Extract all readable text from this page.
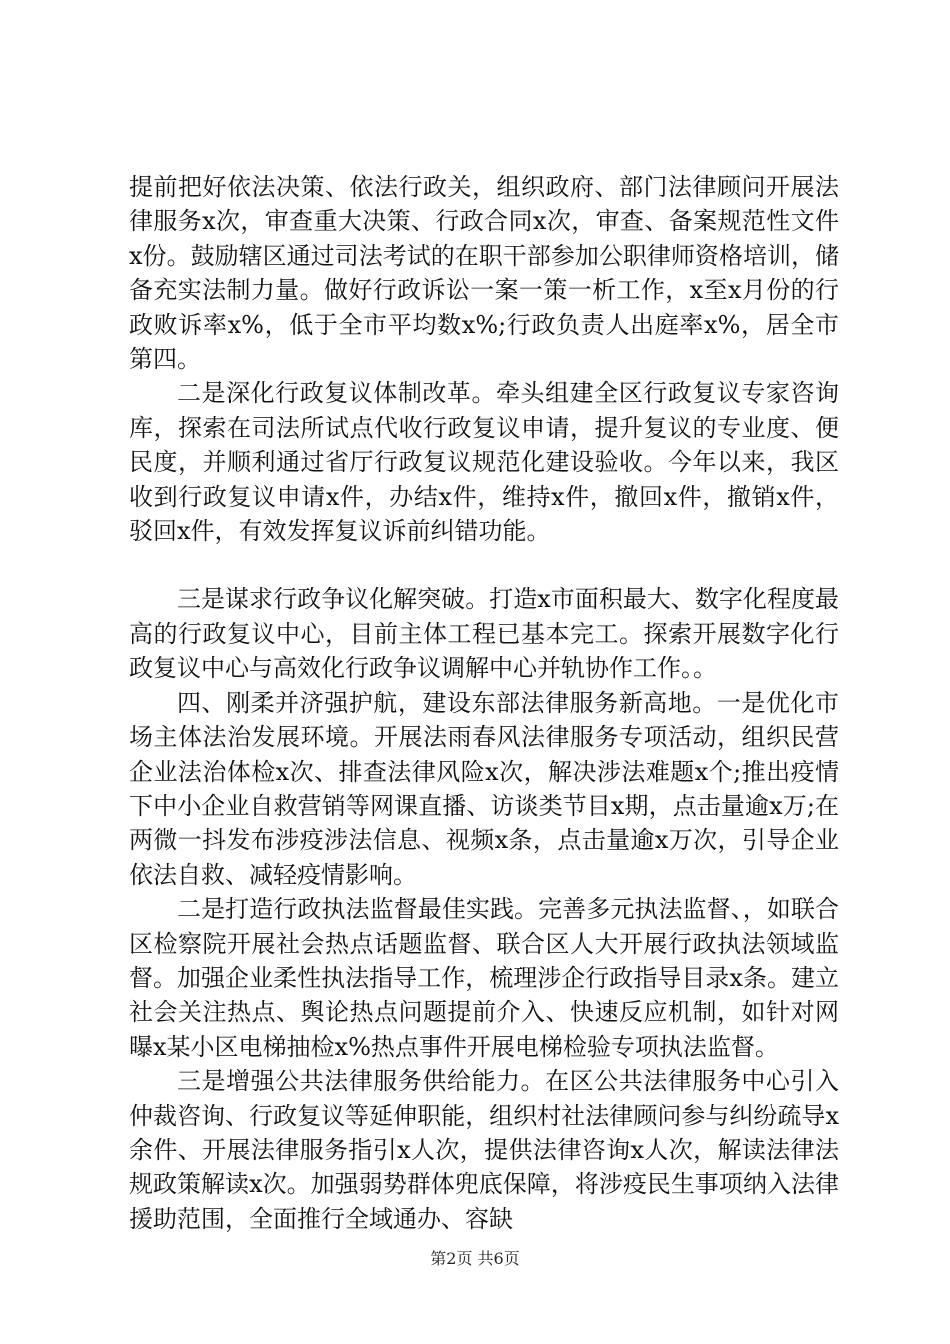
提前把好依法决策、依法行政关，组织政府、部门法律顾问开展法律服务x次，审查重大决策、行政合同x次，审查、备案规范性文件x份。鼓励辖区通过司法考试的在职干部参加公职律师资格培训，储备充实法制力量。做好行政诉讼一案一策一析工作，x至x月份的行政败诉率x%，低于全市平均数x%;行政负责人出庭率x%，居全市第四。

二是深化行政复议体制改革。牵头组建全区行政复议专家咨询库，探索在司法所试点代收行政复议申请，提升复议的专业度、便民度，并顺利通过省厅行政复议规范化建设验收。今年以来，我区收到行政复议申请x件，办结x件，维持x件，撤回x件，撤销x件，驳回x件，有效发挥复议诉前纠错功能。

三是谋求行政争议化解突破。打造x市面积最大、数字化程度最高的行政复议中心，目前主体工程已基本完工。探索开展数字化行政复议中心与高效化行政争议调解中心并轨协作工作。。

四、刚柔并济强护航，建设东部法律服务新高地。一是优化市场主体法治发展环境。开展法雨春风法律服务专项活动，组织民营企业法治体检x次、排查法律风险x次，解决涉法难题x个;推出疫情下中小企业自救营销等网课直播、访谈类节目x期，点击量逾x万;在两微一抖发布涉疫涉法信息、视频x条，点击量逾x万次，引导企业依法自救、减轻疫情影响。

二是打造行政执法监督最佳实践。完善多元执法监督、，如联合区检察院开展社会热点话题监督、联合区人大开展行政执法领域监督。加强企业柔性执法指导工作，梳理涉企行政指导目录x条。建立社会关注热点、舆论热点问题提前介入、快速反应机制，如针对网曝x某小区电梯抽检x%热点事件开展电梯检验专项执法监督。

三是增强公共法律服务供给能力。在区公共法律服务中心引入仲裁咨询、行政复议等延伸职能，组织村社法律顾问参与纠纷疏导x余件、开展法律服务指引x人次，提供法律咨询x人次，解读法律法规政策解读x次。加强弱势群体兜底保障，将涉疫民生事项纳入法律援助范围，全面推行全域通办、容缺

第2页 共6页
